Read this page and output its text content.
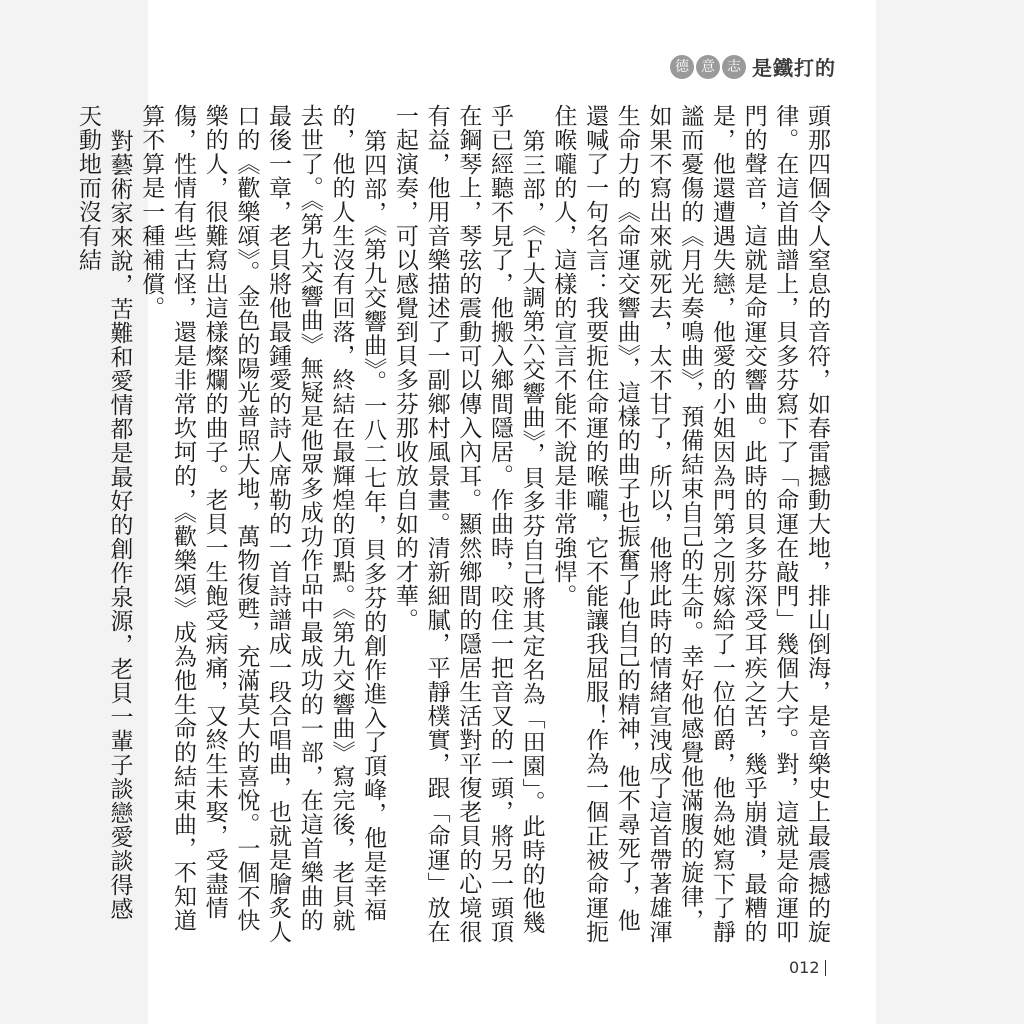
德 意 志 是鐵打的

頭那四個令人窒息的音符，如春雷撼動大地，排山倒海，是音樂史上最震撼的旋律。在這首曲譜上，貝多芬寫下了「命運在敲門」幾個大字。對，這就是命運叩門的聲音，這就是命運交響曲。此時的貝多芬深受耳疾之苦，幾乎崩潰，最糟的是，他還遭遇失戀，他愛的小姐因為門第之別嫁給了一位伯爵，他為她寫下了靜謐而憂傷的《月光奏鳴曲》，預備結束自己的生命。幸好他感覺他滿腹的旋律，如果不寫出來就死去，太不甘了，所以，他將此時的情緒宣洩成了這首帶著雄渾生命力的《命運交響曲》，這樣的曲子也振奮了他自己的精神，他不尋死了，他還喊了一句名言：我要扼住命運的喉嚨，它不能讓我屈服！作為一個正被命運扼住喉嚨的人，這樣的宣言不能不說是非常強悍。

第三部，《Ｆ大調第六交響曲》，貝多芬自己將其定名為「田園」。此時的他幾乎已經聽不見了，他搬入鄉間隱居。作曲時，咬住一把音叉的一頭，將另一頭頂在鋼琴上，琴弦的震動可以傳入內耳。顯然鄉間的隱居生活對平復老貝的心境很有益，他用音樂描述了一副鄉村風景畫。清新細膩，平靜樸實，跟「命運」放在一起演奏，可以感覺到貝多芬那收放自如的才華。

第四部，《第九交響曲》。一八二七年，貝多芬的創作進入了頂峰，他是幸福的，他的人生沒有回落，終結在最輝煌的頂點。《第九交響曲》寫完後，老貝就去世了。《第九交響曲》無疑是他眾多成功作品中最成功的一部，在這首樂曲的最後一章，老貝將他最鍾愛的詩人席勒的一首詩譜成一段合唱曲，也就是膾炙人口的《歡樂頌》。金色的陽光普照大地，萬物復甦，充滿莫大的喜悅。一個不快樂的人，很難寫出這樣燦爛的曲子。老貝一生飽受病痛，又終生未娶，受盡情傷，性情有些古怪，還是非常坎坷的，《歡樂頌》成為他生命的結束曲，不知道算不算是一種補償。

對藝術家來說，苦難和愛情都是最好的創作泉源，老貝一輩子談戀愛談得感天動地而沒有結

012
